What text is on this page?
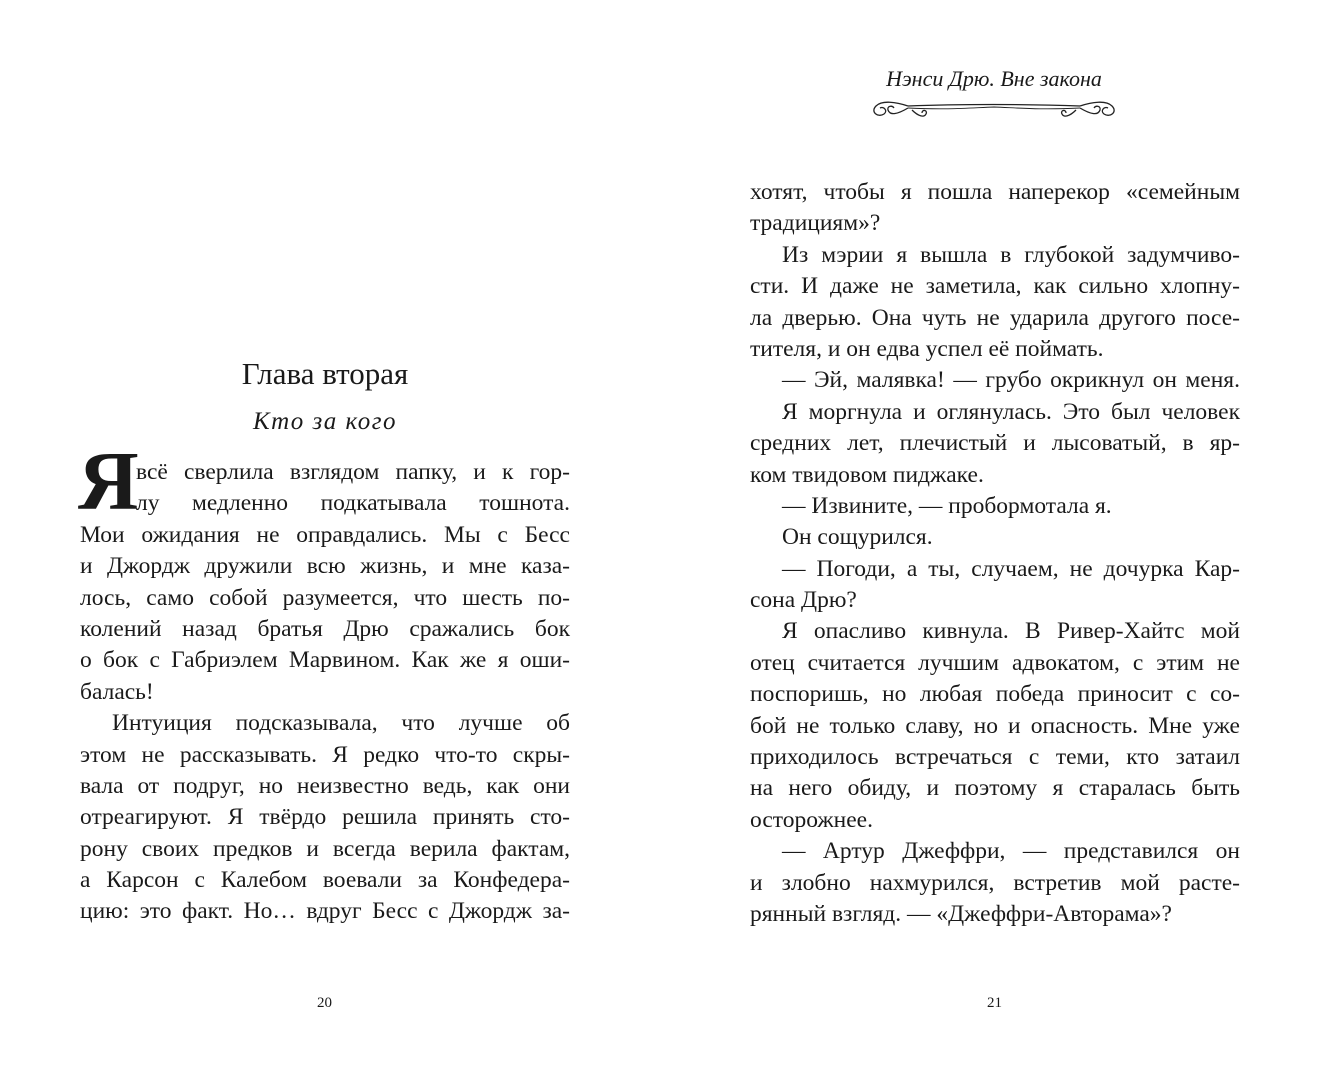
Глава вторая
Кто за кого
Я
всё сверлила взглядом папку, и к гор-
лу медленно подкатывала тошнота.
Мои ожидания не оправдались. Мы с Бесс
и Джордж дружили всю жизнь, и мне каза-
лось, само собой разумеется, что шесть по-
колений назад братья Дрю сражались бок
о бок с Габриэлем Марвином. Как же я оши-
балась!
Интуиция подсказывала, что лучше об
этом не рассказывать. Я редко что-то скры-
вала от подруг, но неизвестно ведь, как они
отреагируют. Я твёрдо решила принять сто-
рону своих предков и всегда верила фактам,
а Карсон с Калебом воевали за Конфедера-
цию: это факт. Но… вдруг Бесс с Джордж за-
20
Нэнси Дрю. Вне закона
хотят, чтобы я пошла наперекор «семейным
традициям»?
Из мэрии я вышла в глубокой задумчиво-
сти. И даже не заметила, как сильно хлопну-
ла дверью. Она чуть не ударила другого посе-
тителя, и он едва успел её поймать.
— Эй, малявка! — грубо окрикнул он меня.
Я моргнула и оглянулась. Это был человек
средних лет, плечистый и лысоватый, в яр-
ком твидовом пиджаке.
— Извините, — пробормотала я.
Он сощурился.
— Погоди, а ты, случаем, не дочурка Кар-
сона Дрю?
Я опасливо кивнула. В Ривер-Хайтс мой
отец считается лучшим адвокатом, с этим не
поспоришь, но любая победа приносит с со-
бой не только славу, но и опасность. Мне уже
приходилось встречаться с теми, кто затаил
на него обиду, и поэтому я старалась быть
осторожнее.
— Артур Джеффри, — представился он
и злобно нахмурился, встретив мой расте-
рянный взгляд. — «Джеффри-Авторама»?
21
